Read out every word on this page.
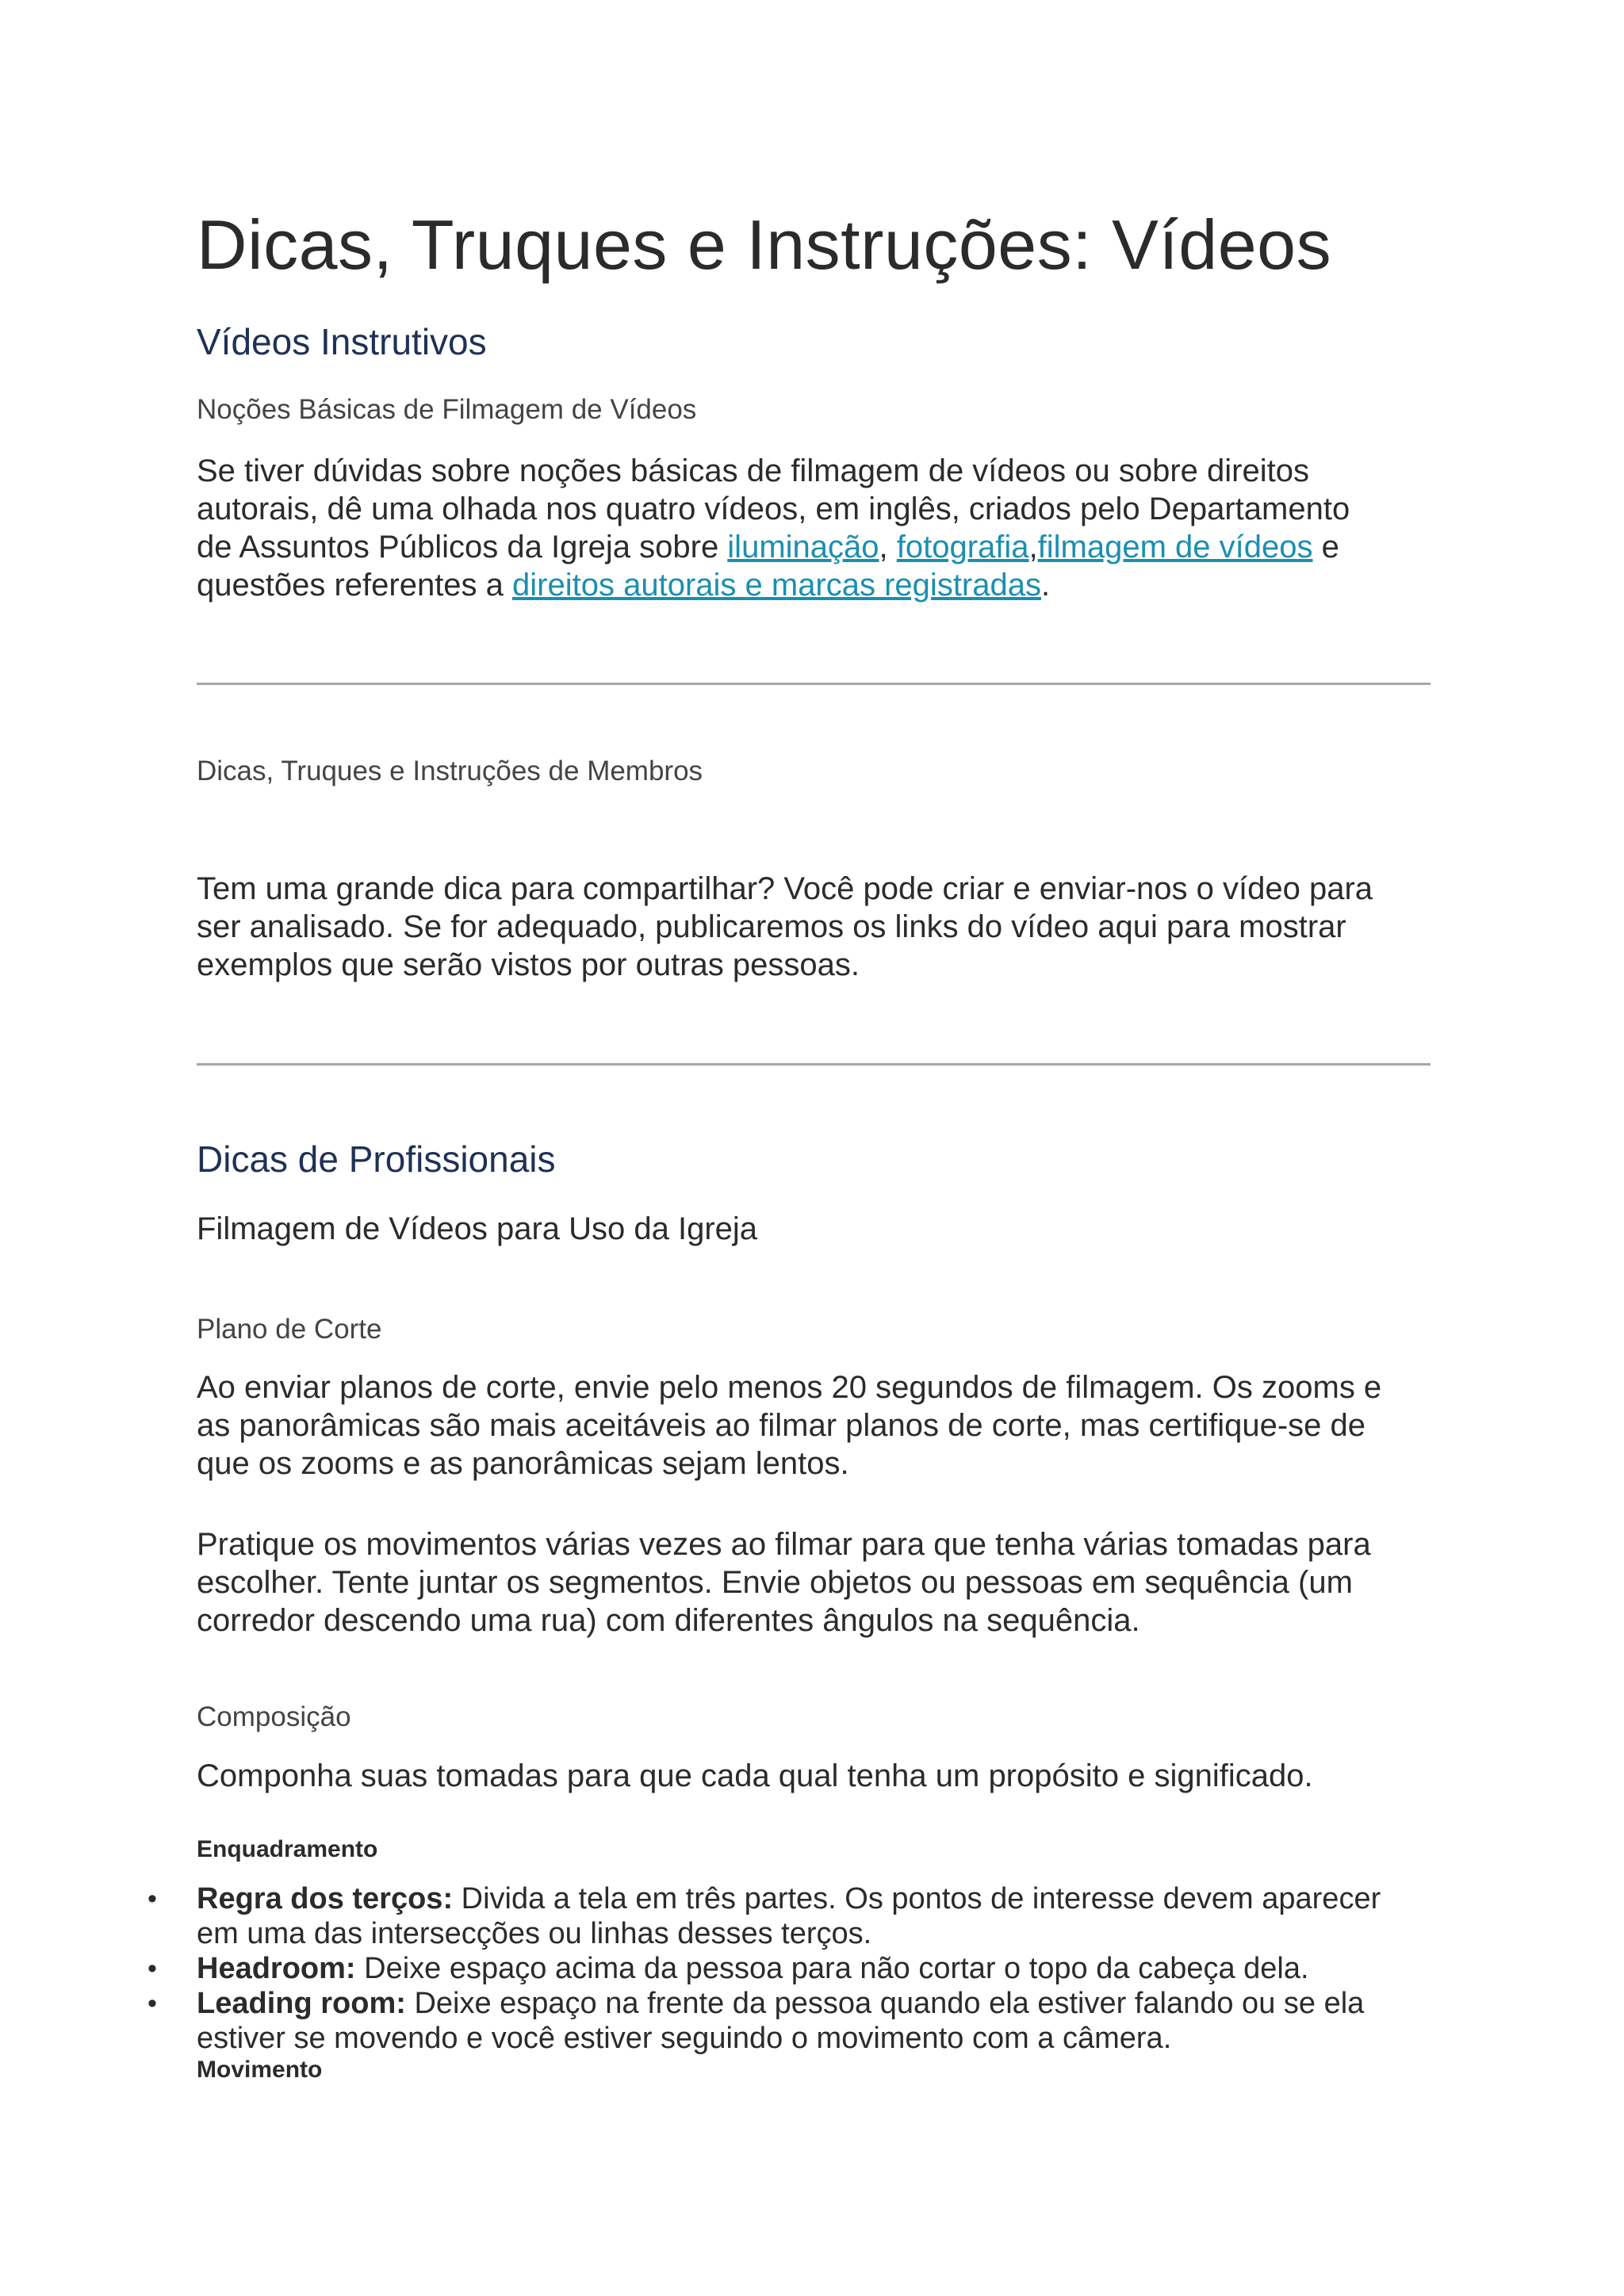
Dicas, Truques e Instruções: Vídeos
Vídeos Instrutivos
Noções Básicas de Filmagem de Vídeos
Se tiver dúvidas sobre noções básicas de filmagem de vídeos ou sobre direitos
autorais, dê uma olhada nos quatro vídeos, em inglês, criados pelo Departamento
de Assuntos Públicos da Igreja sobre iluminação, fotografia,filmagem de vídeos e
questões referentes a direitos autorais e marcas registradas.
Dicas, Truques e Instruções de Membros
Tem uma grande dica para compartilhar? Você pode criar e enviar-nos o vídeo para
ser analisado. Se for adequado, publicaremos os links do vídeo aqui para mostrar
exemplos que serão vistos por outras pessoas.
Dicas de Profissionais
Filmagem de Vídeos para Uso da Igreja
Plano de Corte
Ao enviar planos de corte, envie pelo menos 20 segundos de filmagem. Os zooms e
as panorâmicas são mais aceitáveis ao filmar planos de corte, mas certifique-se de
que os zooms e as panorâmicas sejam lentos.
Pratique os movimentos várias vezes ao filmar para que tenha várias tomadas para
escolher. Tente juntar os segmentos. Envie objetos ou pessoas em sequência (um
corredor descendo uma rua) com diferentes ângulos na sequência.
Composição
Componha suas tomadas para que cada qual tenha um propósito e significado.
Enquadramento
• Regra dos terços: Divida a tela em três partes. Os pontos de interesse devem aparecer em uma das intersecções ou linhas desses terços.
• Headroom: Deixe espaço acima da pessoa para não cortar o topo da cabeça dela.
• Leading room: Deixe espaço na frente da pessoa quando ela estiver falando ou se ela estiver se movendo e você estiver seguindo o movimento com a câmera.
Movimento
